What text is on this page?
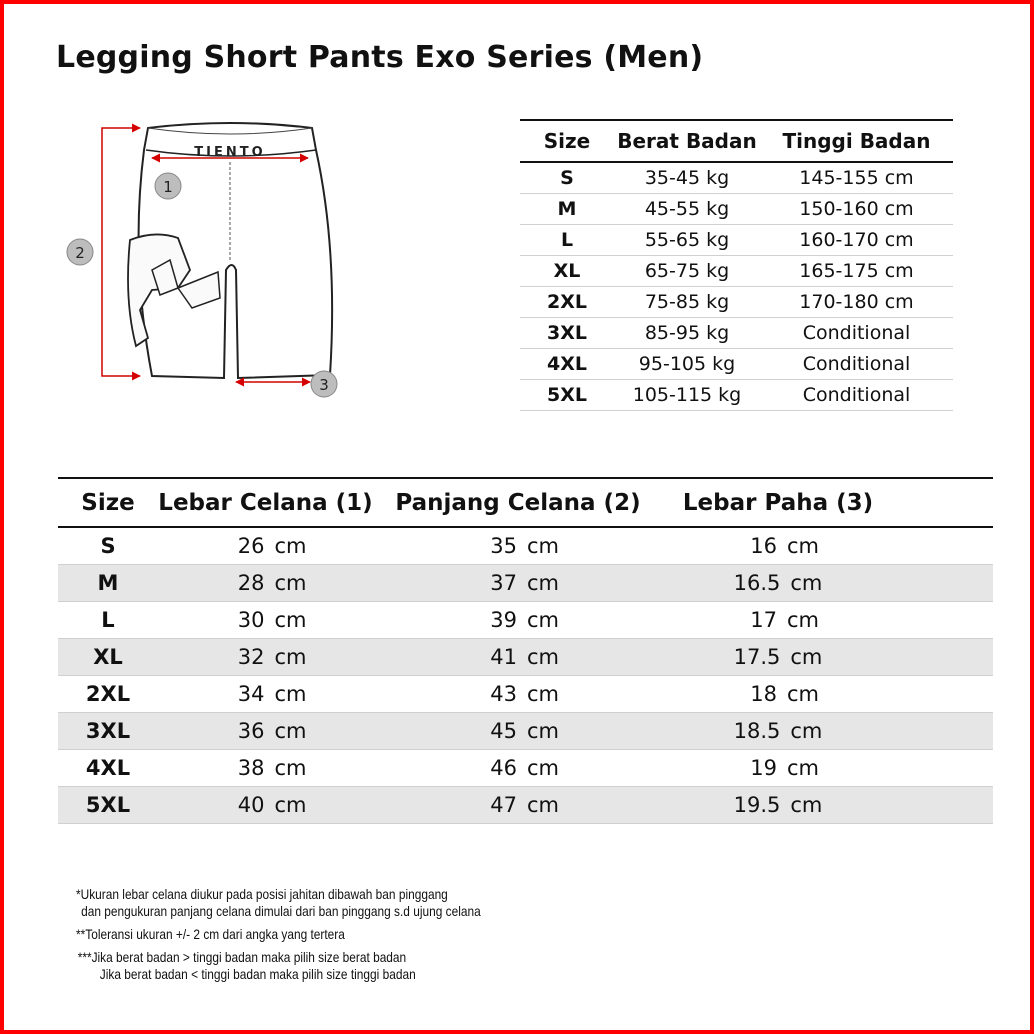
Legging Short Pants Exo Series (Men)
TIENTO
1
2
3
Size	Berat Badan	Tinggi Badan
S	35-45 kg	145-155 cm
M	45-55 kg	150-160 cm
L	55-65 kg	160-170 cm
XL	65-75 kg	165-175 cm
2XL	75-85 kg	170-180 cm
3XL	85-95 kg	Conditional
4XL	95-105 kg	Conditional
5XL	105-115 kg	Conditional
Size	Lebar Celana (1)	Panjang Celana (2)	Lebar Paha (3)	
S	26 cm	35 cm	16 cm	
M	28 cm	37 cm	16.5 cm	
L	30 cm	39 cm	17 cm	
XL	32 cm	41 cm	17.5 cm	
2XL	34 cm	43 cm	18 cm	
3XL	36 cm	45 cm	18.5 cm	
4XL	38 cm	46 cm	19 cm	
5XL	40 cm	47 cm	19.5 cm	

*Ukuran lebar celana diukur pada posisi jahitan dibawah ban pinggang

dan pengukuran panjang celana dimulai dari ban pinggang s.d ujung celana

**Toleransi ukuran +/- 2 cm dari angka yang tertera

***Jika berat badan > tinggi badan maka pilih size berat badan

Jika berat badan < tinggi badan maka pilih size tinggi badan
